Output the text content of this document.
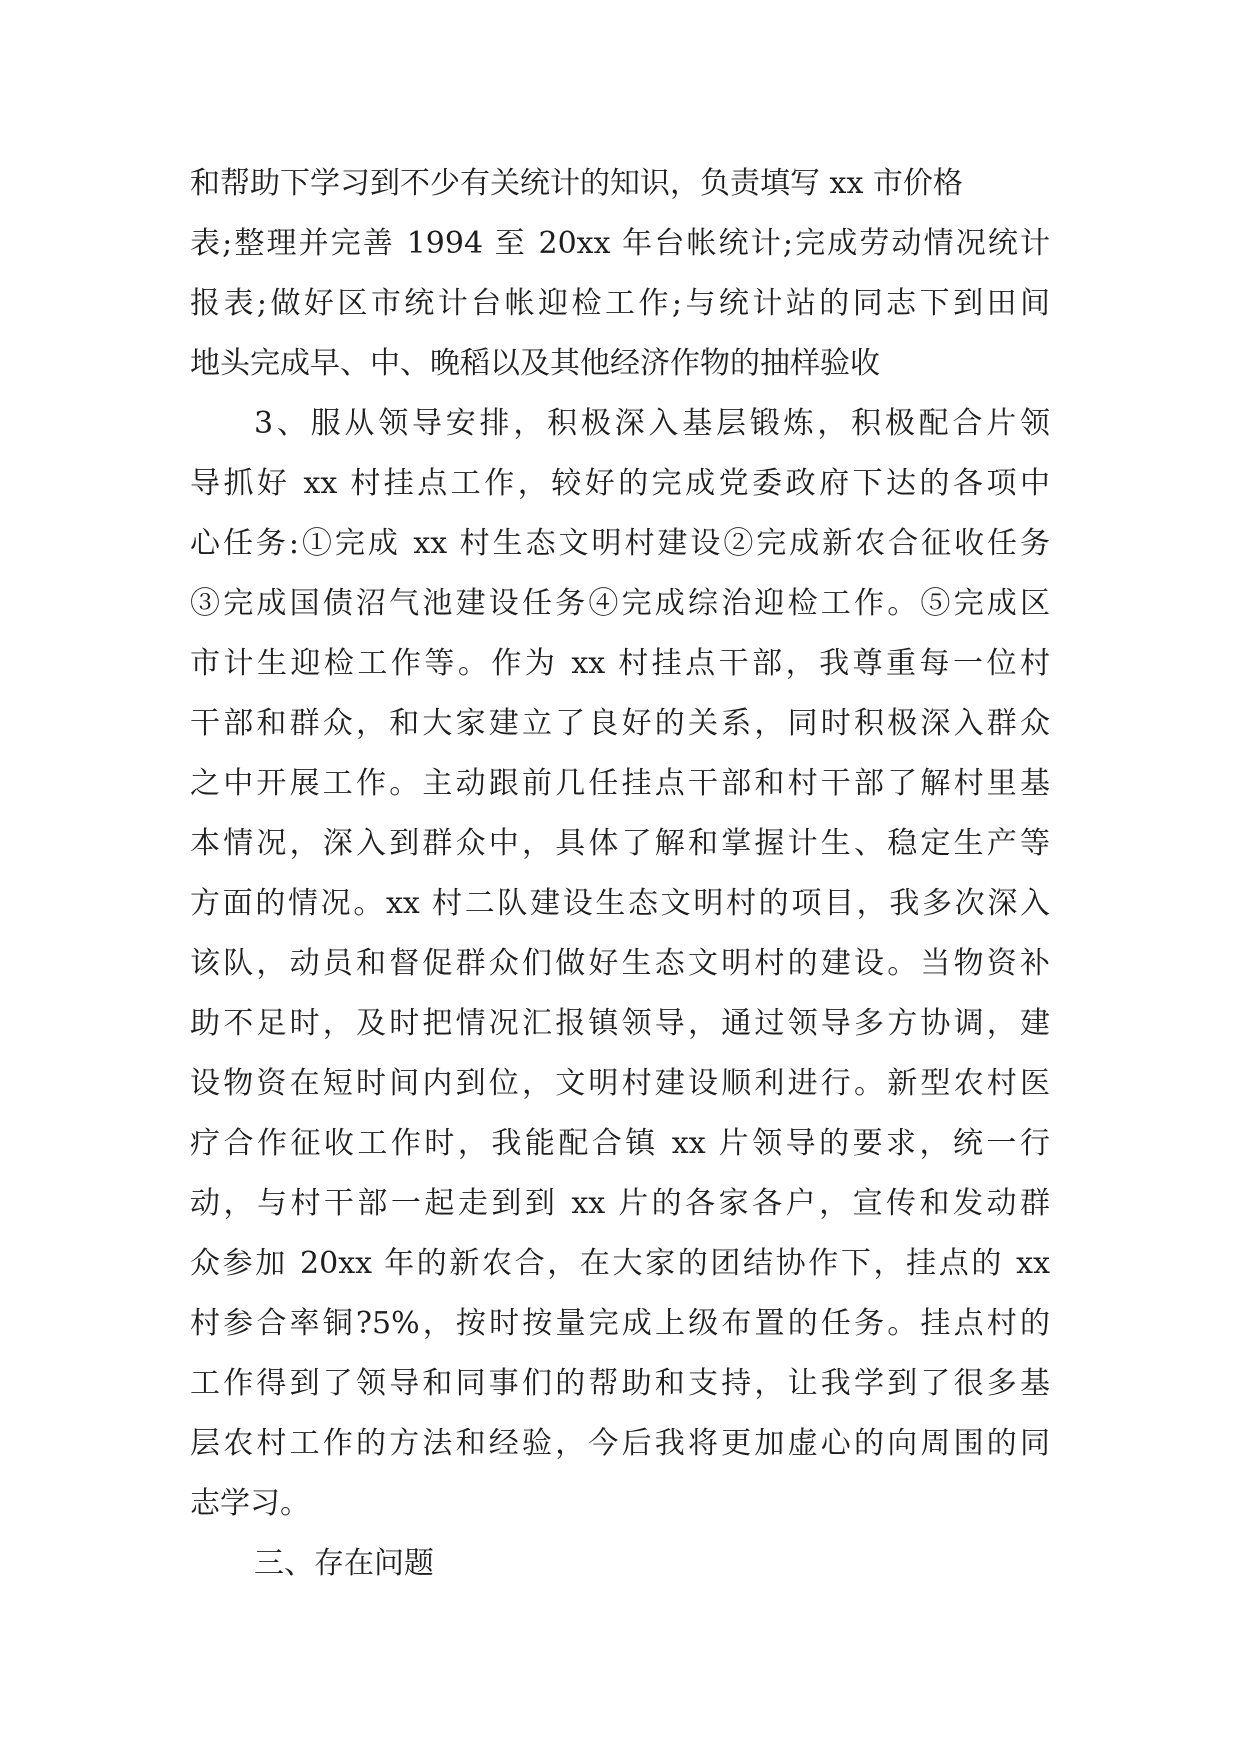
和帮助下学习到不少有关统计的知识，负责填写 xx 市价格
表;整理并完善 1994 至 20xx 年台帐统计;完成劳动情况统计
报表;做好区市统计台帐迎检工作;与统计站的同志下到田间
地头完成早、中、晚稻以及其他经济作物的抽样验收
3、服从领导安排，积极深入基层锻炼，积极配合片领
导抓好 xx 村挂点工作，较好的完成党委政府下达的各项中
心任务:①完成 xx 村生态文明村建设②完成新农合征收任务
③完成国债沼气池建设任务④完成综治迎检工作。⑤完成区
市计生迎检工作等。作为 xx 村挂点干部，我尊重每一位村
干部和群众，和大家建立了良好的关系，同时积极深入群众
之中开展工作。主动跟前几任挂点干部和村干部了解村里基
本情况，深入到群众中，具体了解和掌握计生、稳定生产等
方面的情况。xx 村二队建设生态文明村的项目，我多次深入
该队，动员和督促群众们做好生态文明村的建设。当物资补
助不足时，及时把情况汇报镇领导，通过领导多方协调，建
设物资在短时间内到位，文明村建设顺利进行。新型农村医
疗合作征收工作时，我能配合镇 xx 片领导的要求，统一行
动，与村干部一起走到到 xx 片的各家各户，宣传和发动群
众参加 20xx 年的新农合，在大家的团结协作下，挂点的 xx
村参合率铜?5%，按时按量完成上级布置的任务。挂点村的
工作得到了领导和同事们的帮助和支持，让我学到了很多基
层农村工作的方法和经验，今后我将更加虚心的向周围的同
志学习。
三、存在问题
